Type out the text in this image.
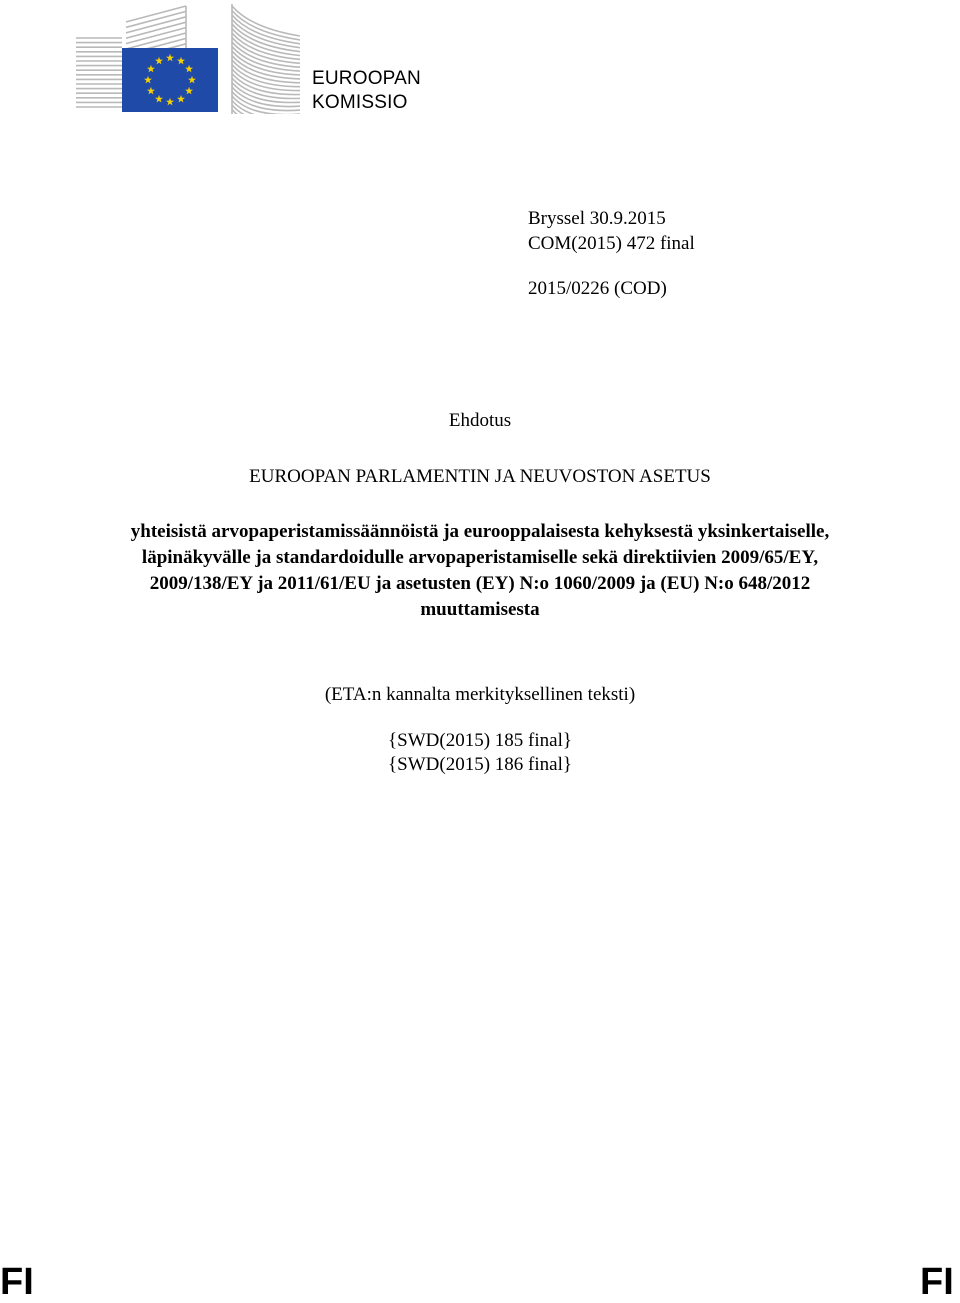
EUROOPAN
KOMISSIO
Bryssel 30.9.2015
COM(2015) 472 final
2015/0226 (COD)
Ehdotus
EUROOPAN PARLAMENTIN JA NEUVOSTON ASETUS
yhteisistä arvopaperistamissäännöistä ja eurooppalaisesta kehyksestä yksinkertaiselle,
läpinäkyvälle ja standardoidulle arvopaperistamiselle sekä direktiivien 2009/65/EY,
2009/138/EY ja 2011/61/EU ja asetusten (EY) N:o 1060/2009 ja (EU) N:o 648/2012
muuttamisesta
(ETA:n kannalta merkityksellinen teksti)
{SWD(2015) 185 final}
{SWD(2015) 186 final}
FI	FI
